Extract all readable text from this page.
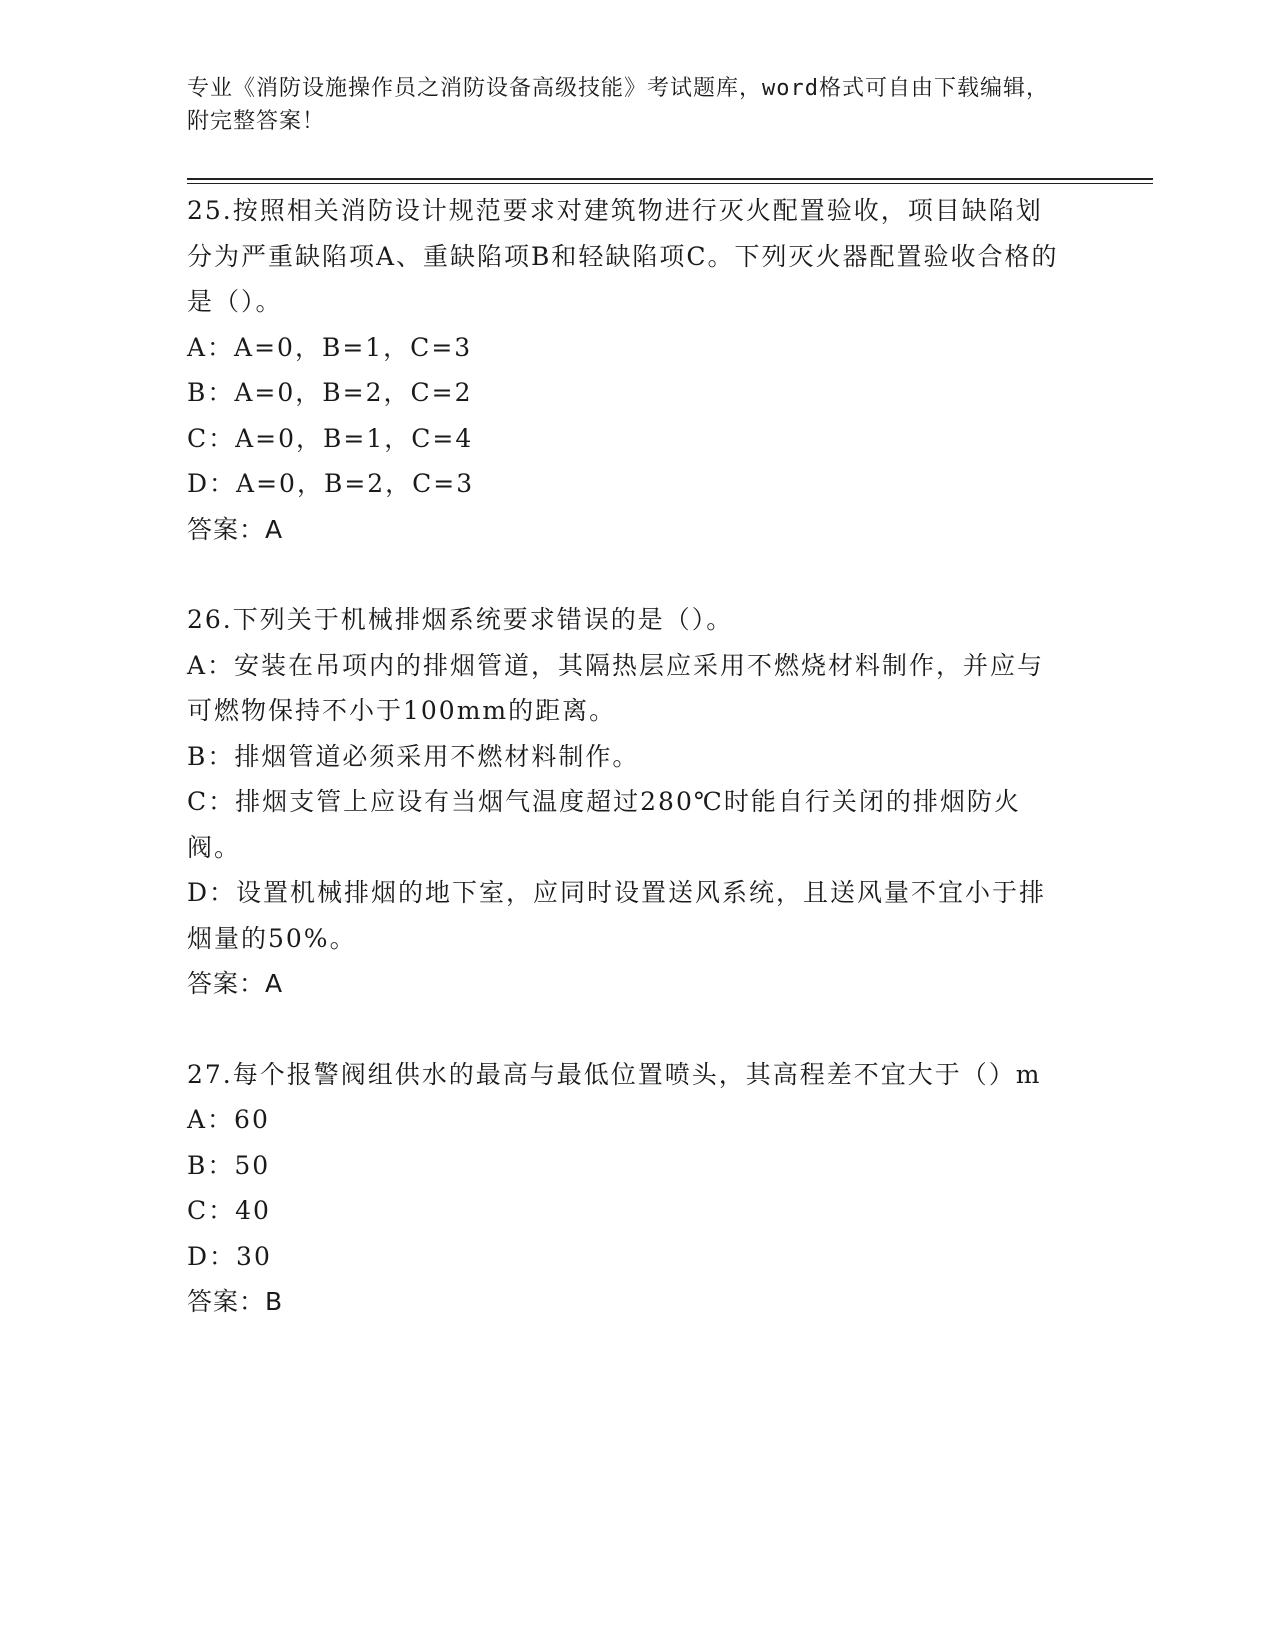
专业《消防设施操作员之消防设备高级技能》考试题库，word格式可自由下载编辑，附完整答案！

25.按照相关消防设计规范要求对建筑物进行灭火配置验收，项目缺陷划分为严重缺陷项A、重缺陷项B和轻缺陷项C。下列灭火器配置验收合格的是（）。

A：A=0，B=1，C=3

B：A=0，B=2，C=2

C：A=0，B=1，C=4

D：A=0，B=2，C=3

答案：A

26.下列关于机械排烟系统要求错误的是（）。

A：安装在吊项内的排烟管道，其隔热层应采用不燃烧材料制作，并应与可燃物保持不小于100mm的距离。

B：排烟管道必须采用不燃材料制作。

C：排烟支管上应设有当烟气温度超过280℃时能自行关闭的排烟防火阀。

D：设置机械排烟的地下室，应同时设置送风系统，且送风量不宜小于排烟量的50%。

答案：A

27.每个报警阀组供水的最高与最低位置喷头，其高程差不宜大于（）m

A：60

B：50

C：40

D：30

答案：B
